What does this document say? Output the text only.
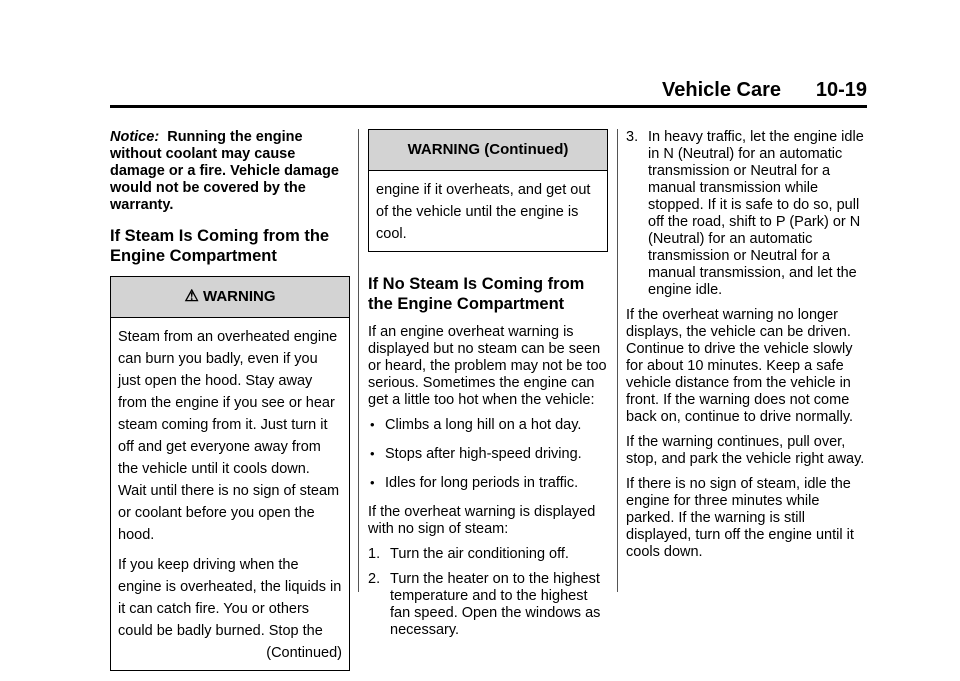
Vehicle Care 10-19

Notice: Running the engine without coolant may cause damage or a fire. Vehicle damage would not be covered by the warranty.

If Steam Is Coming from the Engine Compartment
⚠ WARNING

Steam from an overheated engine can burn you badly, even if you just open the hood. Stay away from the engine if you see or hear steam coming from it. Just turn it off and get everyone away from the vehicle until it cools down. Wait until there is no sign of steam or coolant before you open the hood.

If you keep driving when the engine is overheated, the liquids in it can catch fire. You or others could be badly burned. Stop the

(Continued)
WARNING (Continued)

engine if it overheats, and get out of the vehicle until the engine is cool.

If No Steam Is Coming from the Engine Compartment

If an engine overheat warning is displayed but no steam can be seen or heard, the problem may not be too serious. Sometimes the engine can get a little too hot when the vehicle:

• Climbs a long hill on a hot day.
• Stops after high-speed driving.
• Idles for long periods in traffic.

If the overheat warning is displayed with no sign of steam:

1. Turn the air conditioning off.
2. Turn the heater on to the highest temperature and to the highest fan speed. Open the windows as necessary.
3. In heavy traffic, let the engine idle in N (Neutral) for an automatic transmission or Neutral for a manual transmission while stopped. If it is safe to do so, pull off the road, shift to P (Park) or N (Neutral) for an automatic transmission or Neutral for a manual transmission, and let the engine idle.

If the overheat warning no longer displays, the vehicle can be driven. Continue to drive the vehicle slowly for about 10 minutes. Keep a safe vehicle distance from the vehicle in front. If the warning does not come back on, continue to drive normally.

If the warning continues, pull over, stop, and park the vehicle right away.

If there is no sign of steam, idle the engine for three minutes while parked. If the warning is still displayed, turn off the engine until it cools down.
